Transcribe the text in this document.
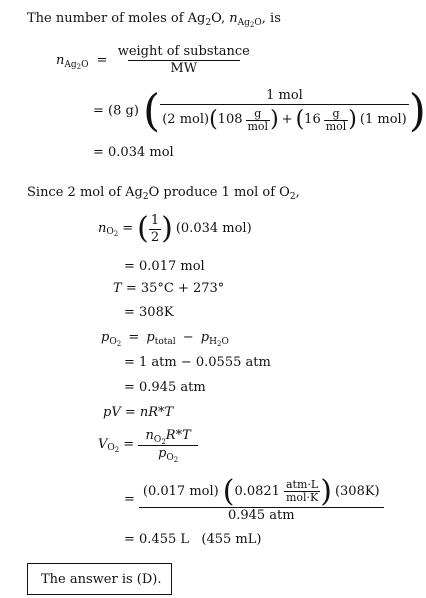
The number of moles of $Ag_2O$, $n_{Ag_2O}$, is
$n_{Ag_2O} = \frac{\text{weight of substance}}{MW}$
= (8 g) (	1 mol
(2 mol) ( $108 \frac{g}{\text{mol}}$ ) + ( $16 \frac{g}{\text{mol}}$ ) (1 mol) )
= 0.034 mol
Since 2 mol of $Ag_2O$ produce 1 mol of $O_2$,
n $O_2$ = ( $\frac{1}{2}$ ) (0.034 mol)
= 0.017 mol
T = 35°C + 273°
= 308K
$p_{O_2} = p_{total} - p_{H_2O}$
= 1 atm − 0.0555 atm
= 0.945 atm
pV = nR*T
V $O_2 = \frac{n_{O_2}R*T}{p_{O_2}}$
= $\frac{(0.017 mol) ( 0.0821 \frac{\text{atm·L}}{\text{mol·K}} ) (308K)}{\text{0.945 atm}}$
= 0.455 L   (455 mL)
The answer is (D).
